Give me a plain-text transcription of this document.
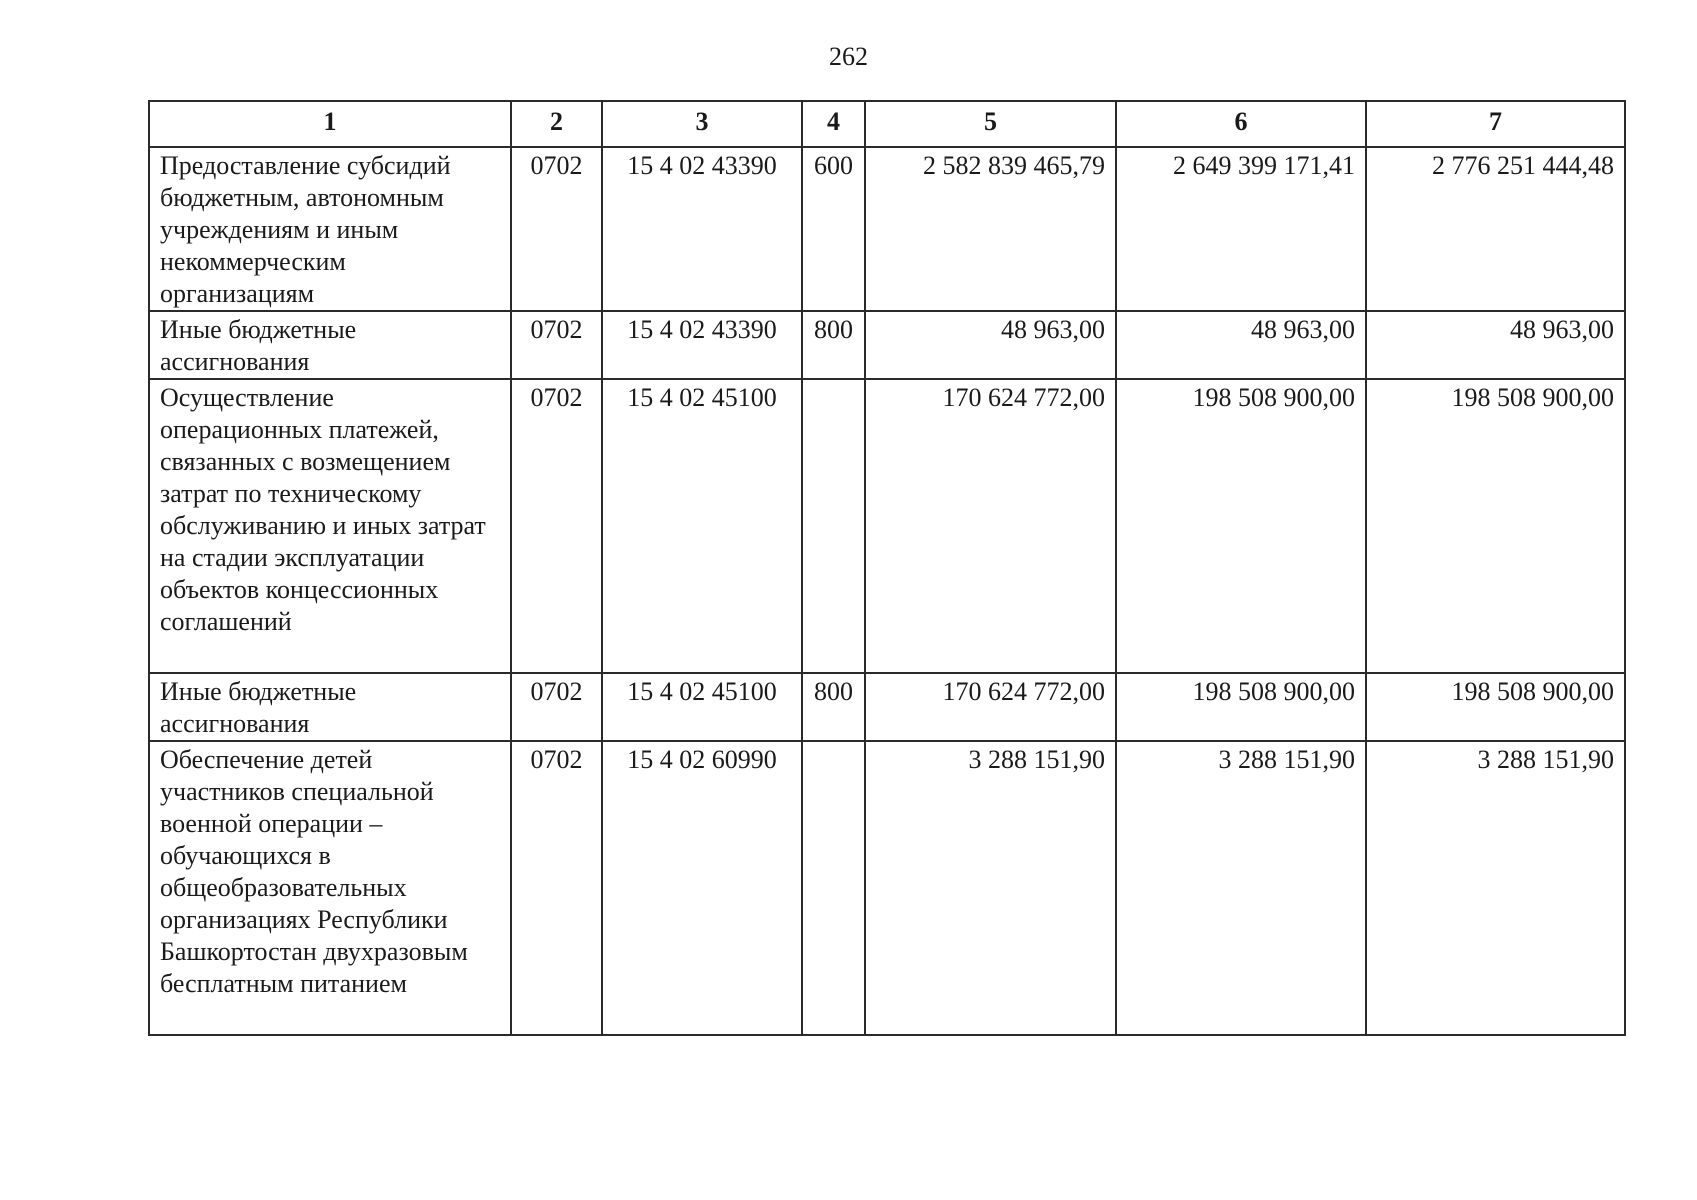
262
1	2	3	4	5	6	7
Предоставление субсидий бюджетным, автономным учреждениям и иным некоммерческим организациям	0702	15 4 02 43390	600	2 582 839 465,79	2 649 399 171,41	2 776 251 444,48
Иные бюджетные ассигнования	0702	15 4 02 43390	800	48 963,00	48 963,00	48 963,00
Осуществление операционных платежей, связанных с возмещением затрат по техническому обслуживанию и иных затрат на стадии эксплуатации объектов концессионных соглашений	0702	15 4 02 45100		170 624 772,00	198 508 900,00	198 508 900,00
Иные бюджетные ассигнования	0702	15 4 02 45100	800	170 624 772,00	198 508 900,00	198 508 900,00
Обеспечение детей участников специальной военной операции – обучающихся в общеобразовательных организациях Республики Башкортостан двухразовым бесплатным питанием	0702	15 4 02 60990		3 288 151,90	3 288 151,90	3 288 151,90
